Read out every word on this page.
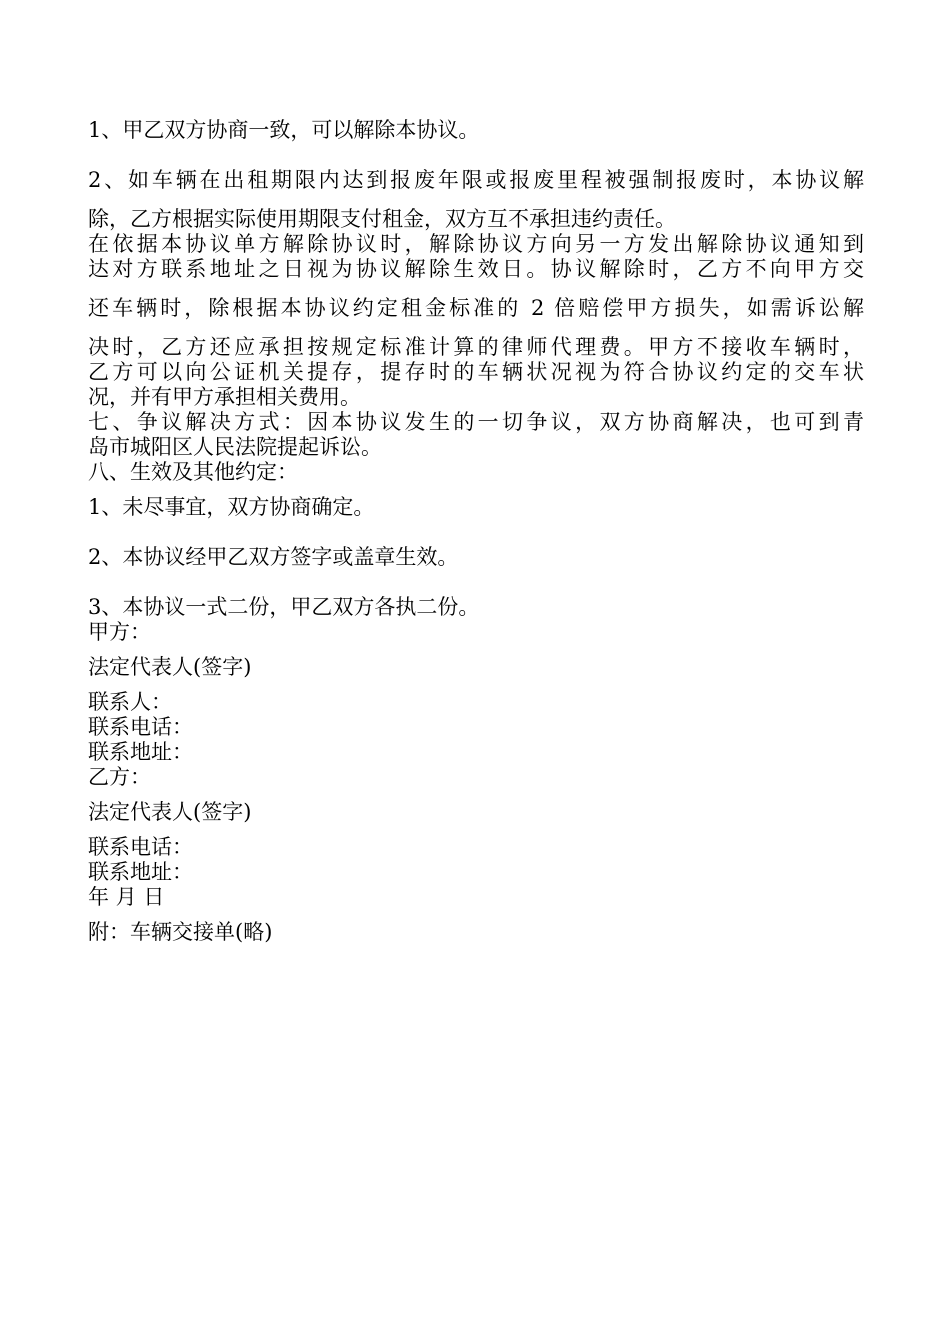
1、甲乙双方协商一致，可以解除本协议。
2、如车辆在出租期限内达到报废年限或报废里程被强制报废时，本协议解
除，乙方根据实际使用期限支付租金，双方互不承担违约责任。
在依据本协议单方解除协议时，解除协议方向另一方发出解除协议通知到
达对方联系地址之日视为协议解除生效日。协议解除时，乙方不向甲方交
还车辆时，除根据本协议约定租金标准的 2 倍赔偿甲方损失，如需诉讼解
决时，乙方还应承担按规定标准计算的律师代理费。甲方不接收车辆时，
乙方可以向公证机关提存，提存时的车辆状况视为符合协议约定的交车状
况，并有甲方承担相关费用。
七、争议解决方式：因本协议发生的一切争议，双方协商解决，也可到青
岛市城阳区人民法院提起诉讼。
八、生效及其他约定：
1、未尽事宜，双方协商确定。
2、本协议经甲乙双方签字或盖章生效。
3、本协议一式二份，甲乙双方各执二份。
甲方：
法定代表人(签字)
联系人：
联系电话：
联系地址：
乙方：
法定代表人(签字)
联系电话：
联系地址：
年 月 日
附：车辆交接单(略)
